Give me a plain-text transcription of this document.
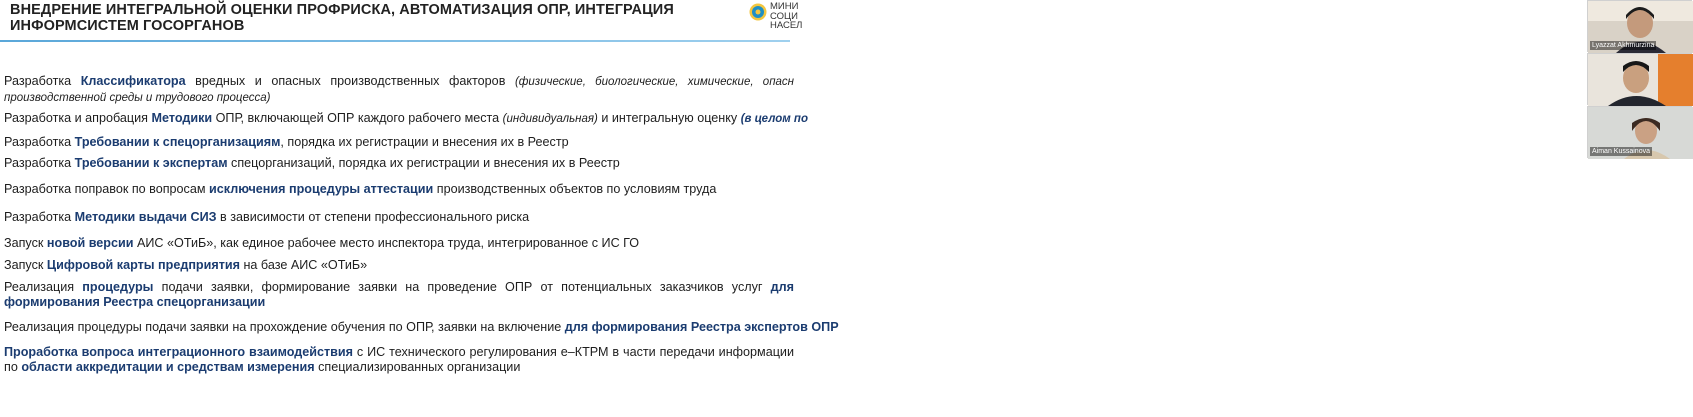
ВНЕДРЕНИЕ ИНТЕГРАЛЬНОЙ ОЦЕНКИ ПРОФРИСКА, АВТОМАТИЗАЦИЯ ОПР, ИНТЕГРАЦИЯ ИНФОРМСИСТЕМ ГОСОРГАНОВ
МИНИ
СОЦИ
НАСЕЛ
Разработка Классификатора вредных и опасных производственных факторов (физические, биологические, химические, опасн производственной среды и трудового процесса)
Разработка и апробация Методики ОПР, включающей ОПР каждого рабочего места (индивидуальная) и интегральную оценку (в целом по
Разработка Требовании к спецорганизациям, порядка их регистрации и внесения их в Реестр
Разработка Требовании к экспертам спецорганизаций, порядка их регистрации и внесения их в Реестр
Разработка поправок по вопросам исключения процедуры аттестации производственных объектов по условиям труда
Разработка Методики выдачи СИЗ в зависимости от степени профессионального риска
Запуск новой версии АИС «ОТиБ», как единое рабочее место инспектора труда, интегрированное с ИС ГО
Запуск Цифровой карты предприятия на базе АИС «ОТиБ»
Реализация процедуры подачи заявки, формирование заявки на проведение ОПР от потенциальных заказчиков услуг для формирования Реестра спецорганизации
Реализация процедуры подачи заявки на прохождение обучения по ОПР, заявки на включение для формирования Реестра экспертов ОПР
Проработка вопроса интеграционного взаимодействия с ИС технического регулирования е–КТРМ в части передачи информации по области аккредитации и средствам измерения специализированных организации
Lyazzat Akhmurzina
Aiman Kussainova
